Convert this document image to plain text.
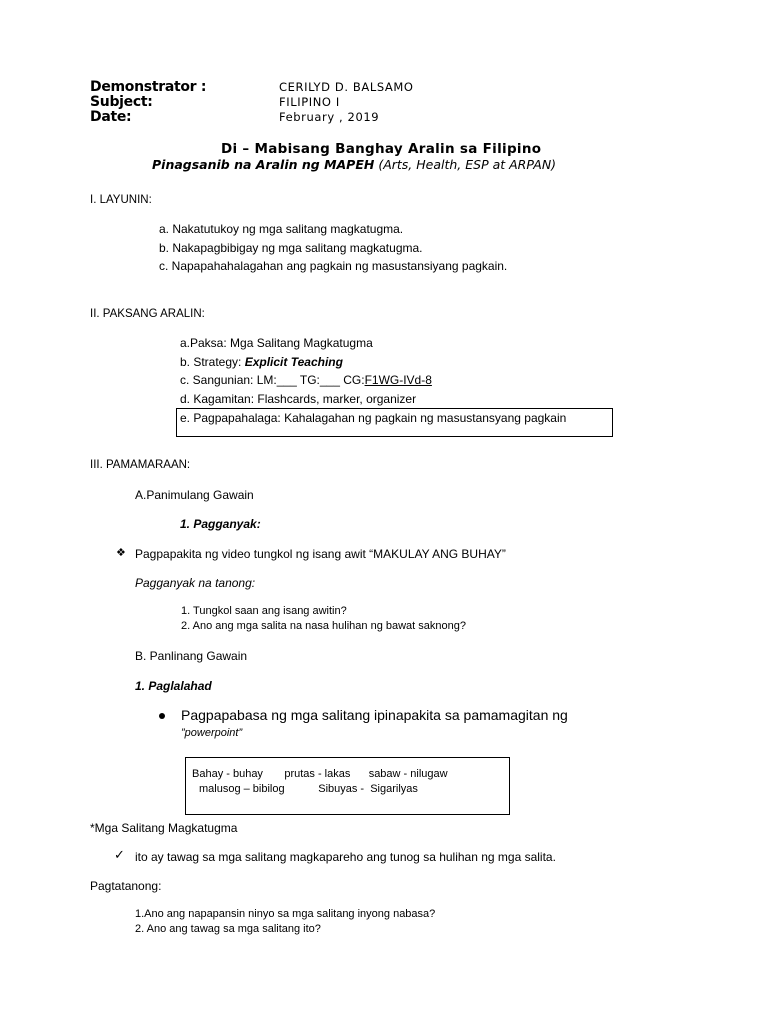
Demonstrator :	CERILYD D. BALSAMO
Subject:	FILIPINO I
Date:	February , 2019
Di – Mabisang Banghay Aralin sa Filipino
Pinagsanib na Aralin ng MAPEH (Arts, Health, ESP at ARPAN)
I. LAYUNIN:
a. Nakatutukoy ng mga salitang magkatugma.
b. Nakapagbibigay ng mga salitang magkatugma.
c. Napapahahalagahan ang pagkain ng masustansiyang pagkain.
II. PAKSANG ARALIN:
a.Paksa: Mga Salitang Magkatugma
b. Strategy: Explicit Teaching
c. Sangunian: LM:___ TG:___ CG:F1WG-IVd-8
d. Kagamitan: Flashcards, marker, organizer
e. Pagpapahalaga: Kahalagahan ng pagkain ng masustansyang pagkain
III. PAMAMARAAN:
A.Panimulang Gawain
1. Pagganyak:
❖ Pagpapakita ng video tungkol ng isang awit “MAKULAY ANG BUHAY”
Pagganyak na tanong:
1. Tungkol saan ang isang awitin?
2. Ano ang mga salita na nasa hulihan ng bawat saknong?
B. Panlinang Gawain
1. Paglalahad
Pagpapabasa ng mga salitang ipinapakita sa pamamagitan ng
”powerpoint”
Bahay - buhay       prutas - lakas      sabaw - nilugaw
malusog – bibilog           Sibuyas -  Sigarilyas
*Mga Salitang Magkatugma
✓ ito ay tawag sa mga salitang magkapareho ang tunog sa hulihan ng mga salita.
Pagtatanong:
1.Ano ang napapansin ninyo sa mga salitang inyong nabasa?
2. Ano ang tawag sa mga salitang ito?
